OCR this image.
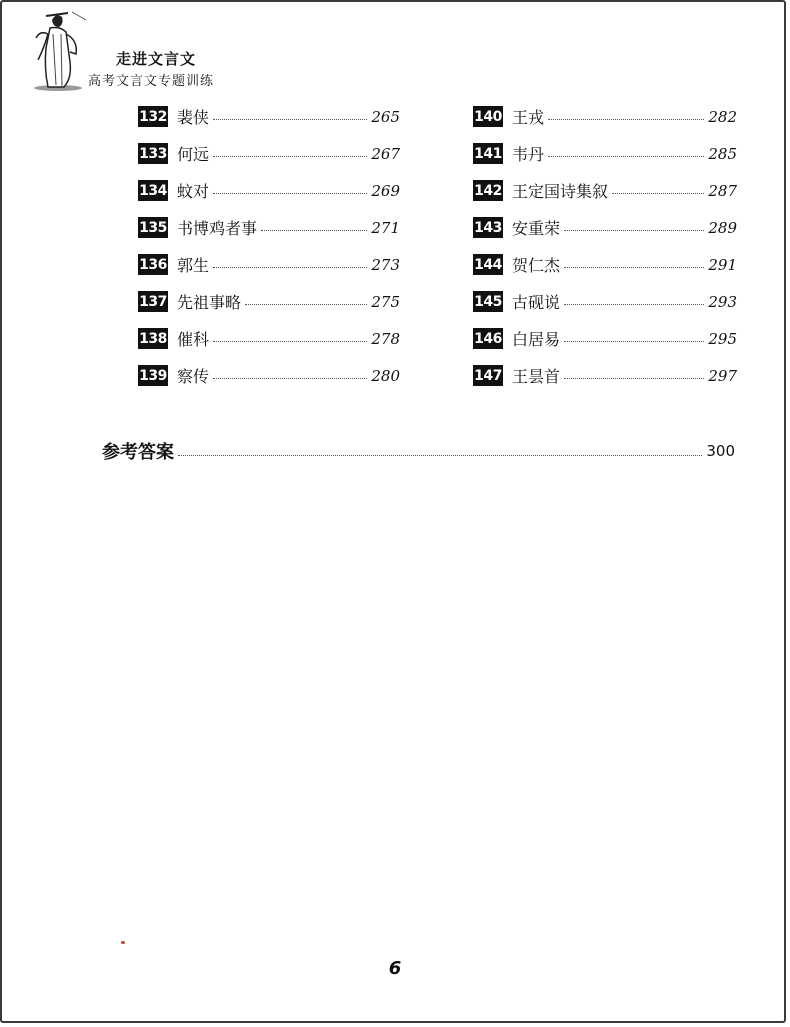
走进文言文
高考文言文专题训练
132 裴侠	265
133 何远	267
134 蚊对	269
135 书博鸡者事	271
136 郭生	273
137 先祖事略	275
138 催科	278
139 察传	280
140 王戎	282
141 韦丹	285
142 王定国诗集叙	287
143 安重荣	289
144 贺仁杰	291
145 古砚说	293
146 白居易	295
147 王昙首	297
参考答案	300
6
